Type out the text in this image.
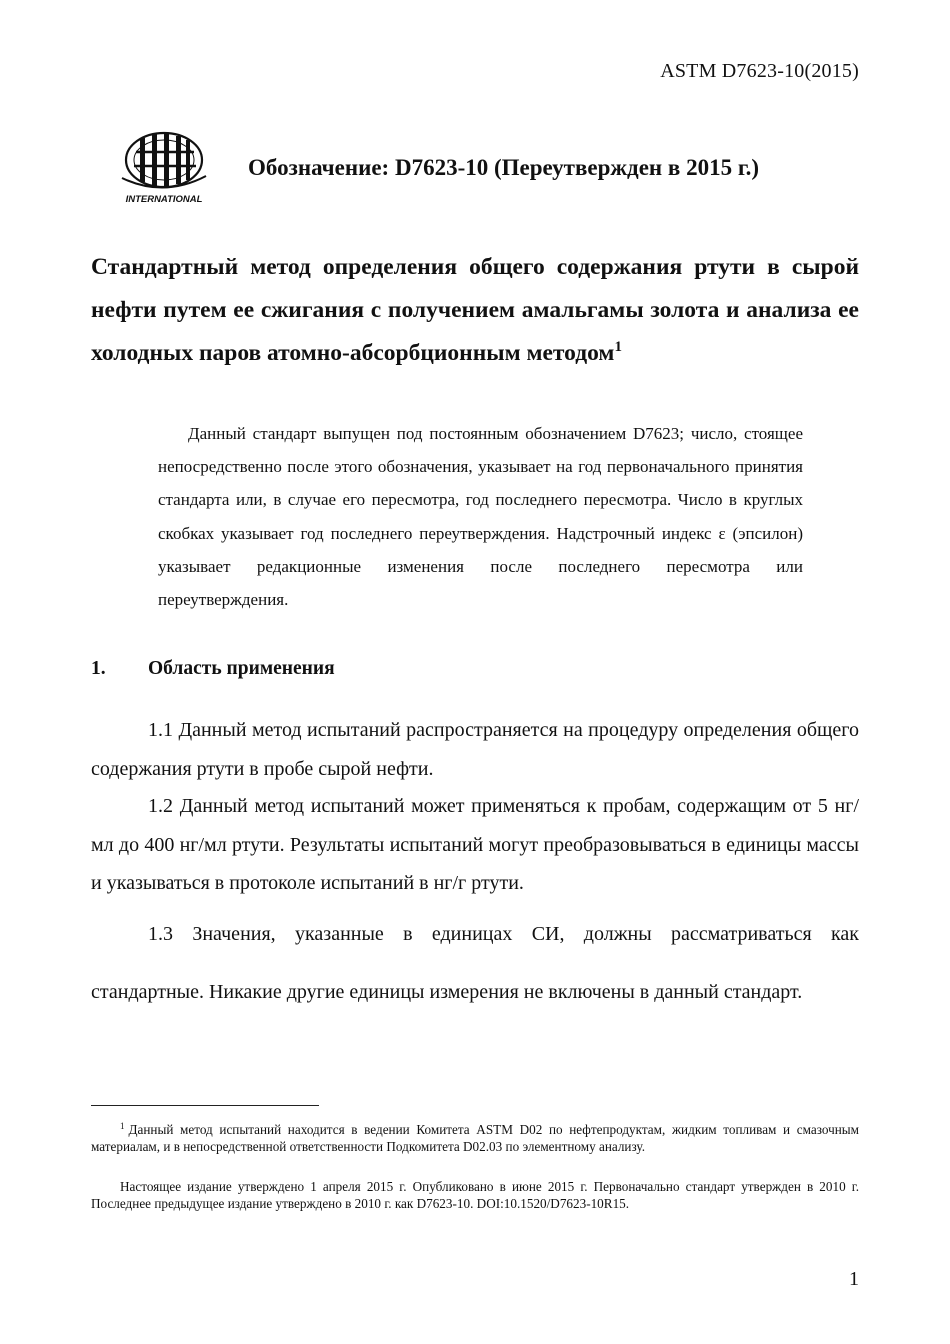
ASTM D7623-10(2015)
INTERNATIONAL
Обозначение: D7623-10 (Переутвержден в 2015 г.)
Стандартный метод определения общего содержания ртути в сырой нефти путем ее сжигания с получением амальгамы золота и анализа ее холодных паров атомно-абсорбционным методом$^1$

Данный стандарт выпущен под постоянным обозначением D7623; число, стоящее непосредственно после этого обозначения, указывает на год первоначального принятия стандарта или, в случае его пересмотра, год последнего пересмотра. Число в круглых скобках указывает год последнего переутверждения. Надстрочный индекс ε (эпсилон) указывает редакционные изменения после последнего пересмотра или переутверждения.

1. Область применения

1.1 Данный метод испытаний распространяется на процедуру определения общего содержания ртути в пробе сырой нефти.

1.2 Данный метод испытаний может применяться к пробам, содержащим от 5 нг/мл до 400 нг/мл ртути. Результаты испытаний могут преобразовываться в единицы массы и указываться в протоколе испытаний в нг/г ртути.

1.3 Значения, указанные в единицах СИ, должны рассматриваться как стандартные. Никакие другие единицы измерения не включены в данный стандарт.

$^1$ Данный метод испытаний находится в ведении Комитета ASTM D02 по нефтепродуктам, жидким топливам и смазочным материалам, и в непосредственной ответственности Подкомитета D02.03 по элементному анализу.

Настоящее издание утверждено 1 апреля 2015 г. Опубликовано в июне 2015 г. Первоначально стандарт утвержден в 2010 г. Последнее предыдущее издание утверждено в 2010 г. как D7623-10. DOI:10.1520/D7623-10R15.

1
